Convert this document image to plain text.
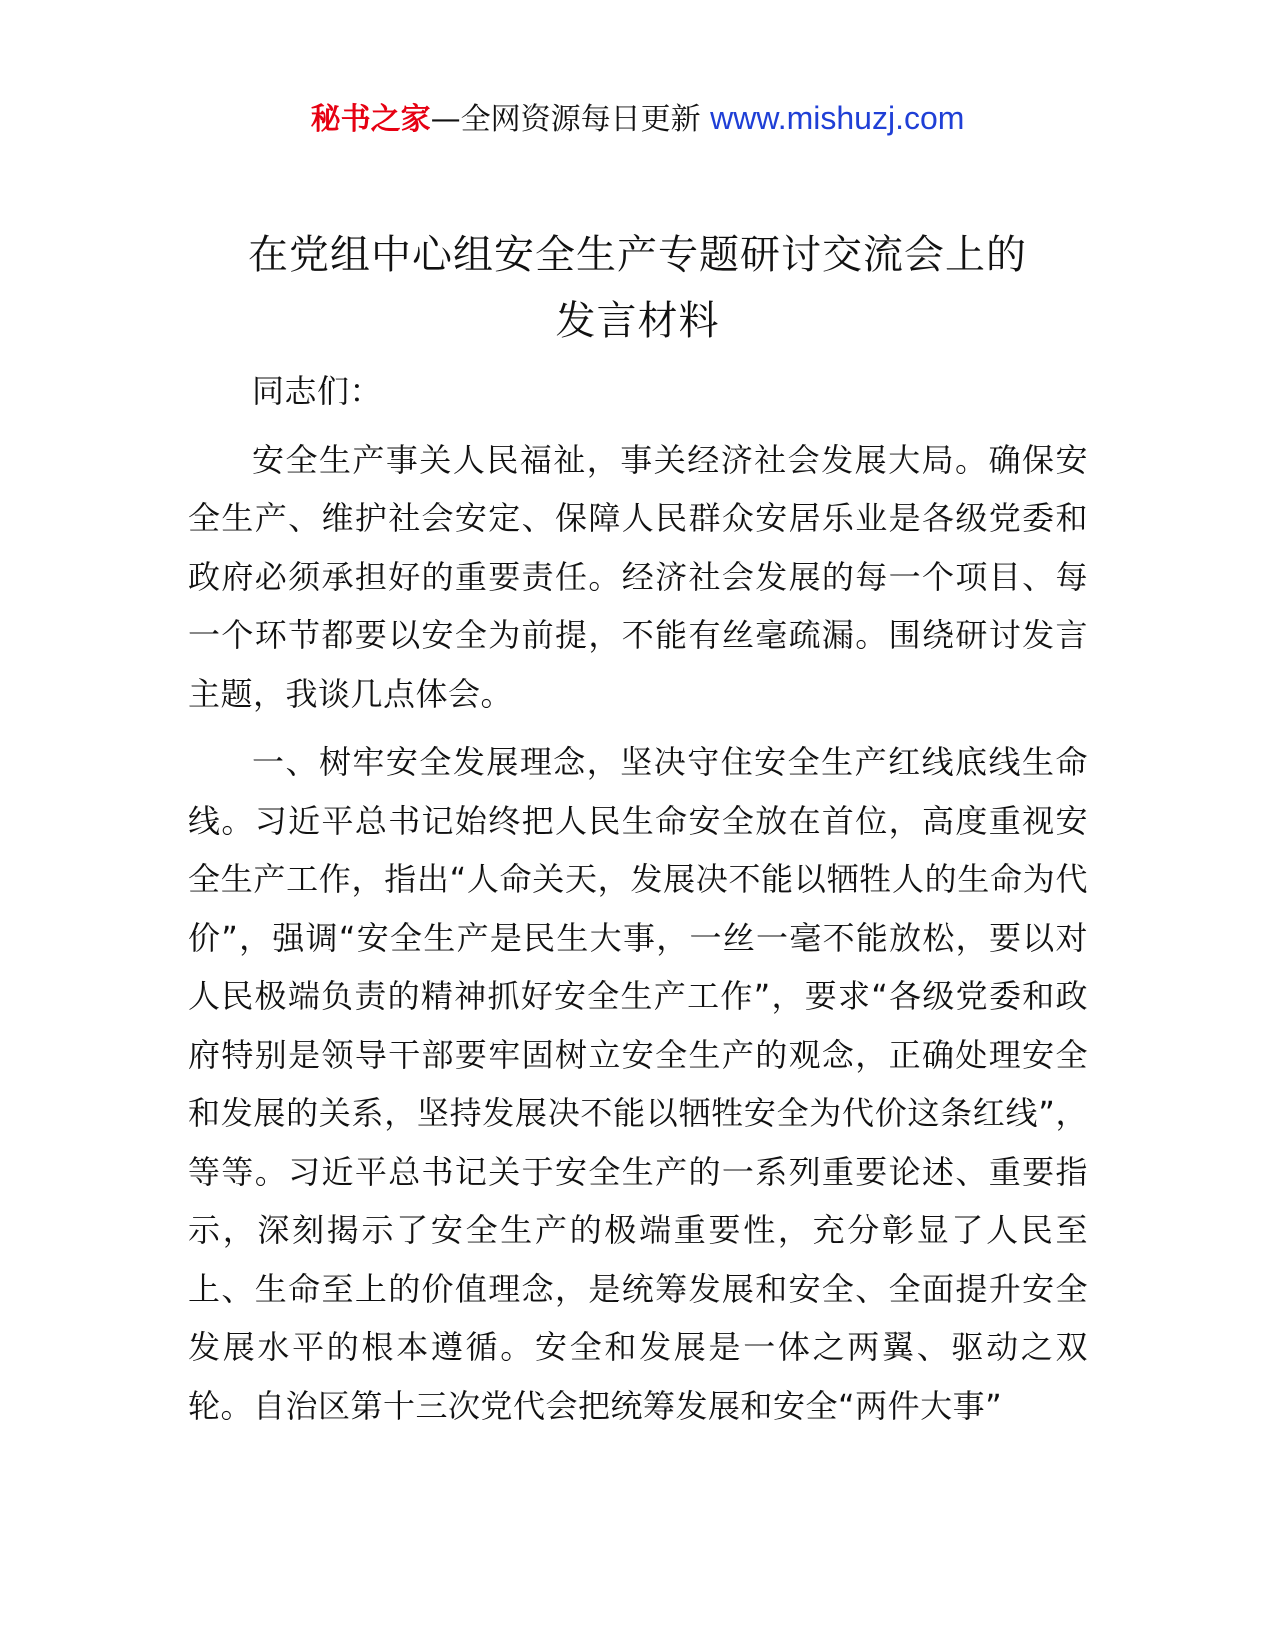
秘书之家—全网资源每日更新 www.mishuzj.com
在党组中心组安全生产专题研讨交流会上的
发言材料

同志们：

安全生产事关人民福祉，事关经济社会发展大局。确保安全生产、维护社会安定、保障人民群众安居乐业是各级党委和政府必须承担好的重要责任。经济社会发展的每一个项目、每一个环节都要以安全为前提，不能有丝毫疏漏。围绕研讨发言主题，我谈几点体会。

一、树牢安全发展理念，坚决守住安全生产红线底线生命线。习近平总书记始终把人民生命安全放在首位，高度重视安全生产工作，指出“人命关天，发展决不能以牺牲人的生命为代价”，强调“安全生产是民生大事，一丝一毫不能放松，要以对人民极端负责的精神抓好安全生产工作”，要求“各级党委和政府特别是领导干部要牢固树立安全生产的观念，正确处理安全和发展的关系，坚持发展决不能以牺牲安全为代价这条红线”，等等。习近平总书记关于安全生产的一系列重要论述、重要指示，深刻揭示了安全生产的极端重要性，充分彰显了人民至上、生命至上的价值理念，是统筹发展和安全、全面提升安全发展水平的根本遵循。安全和发展是一体之两翼、驱动之双轮。自治区第十三次党代会把统筹发展和安全“两件大事”
